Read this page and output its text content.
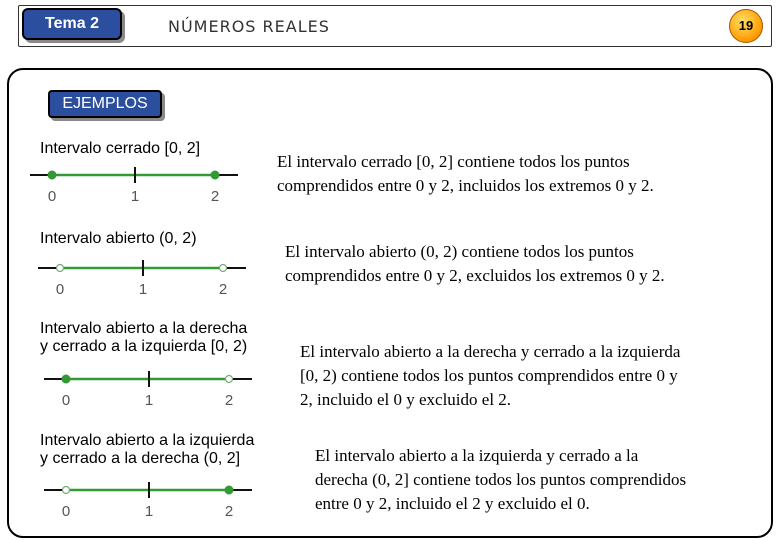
Tema 2	NÚMEROS REALES	19
EJEMPLOS
Intervalo cerrado [0, 2]
0	1	2
El intervalo cerrado [0, 2] contiene todos los puntos
comprendidos entre 0 y 2, incluidos los extremos 0 y 2.
Intervalo abierto (0, 2)
0	1	2
El intervalo abierto (0, 2) contiene todos los puntos
comprendidos entre 0 y 2, excluidos los extremos 0 y 2.
Intervalo abierto a la derecha
y cerrado a la izquierda [0, 2)
0	1	2
El intervalo abierto a la derecha y cerrado a la izquierda
[0, 2) contiene todos los puntos comprendidos entre 0 y
2, incluido el 0 y excluido el 2.
Intervalo abierto a la izquierda
y cerrado a la derecha (0, 2]
0	1	2
El intervalo abierto a la izquierda y cerrado a la
derecha (0, 2] contiene todos los puntos comprendidos
entre 0 y 2, incluido el 2 y excluido el 0.
